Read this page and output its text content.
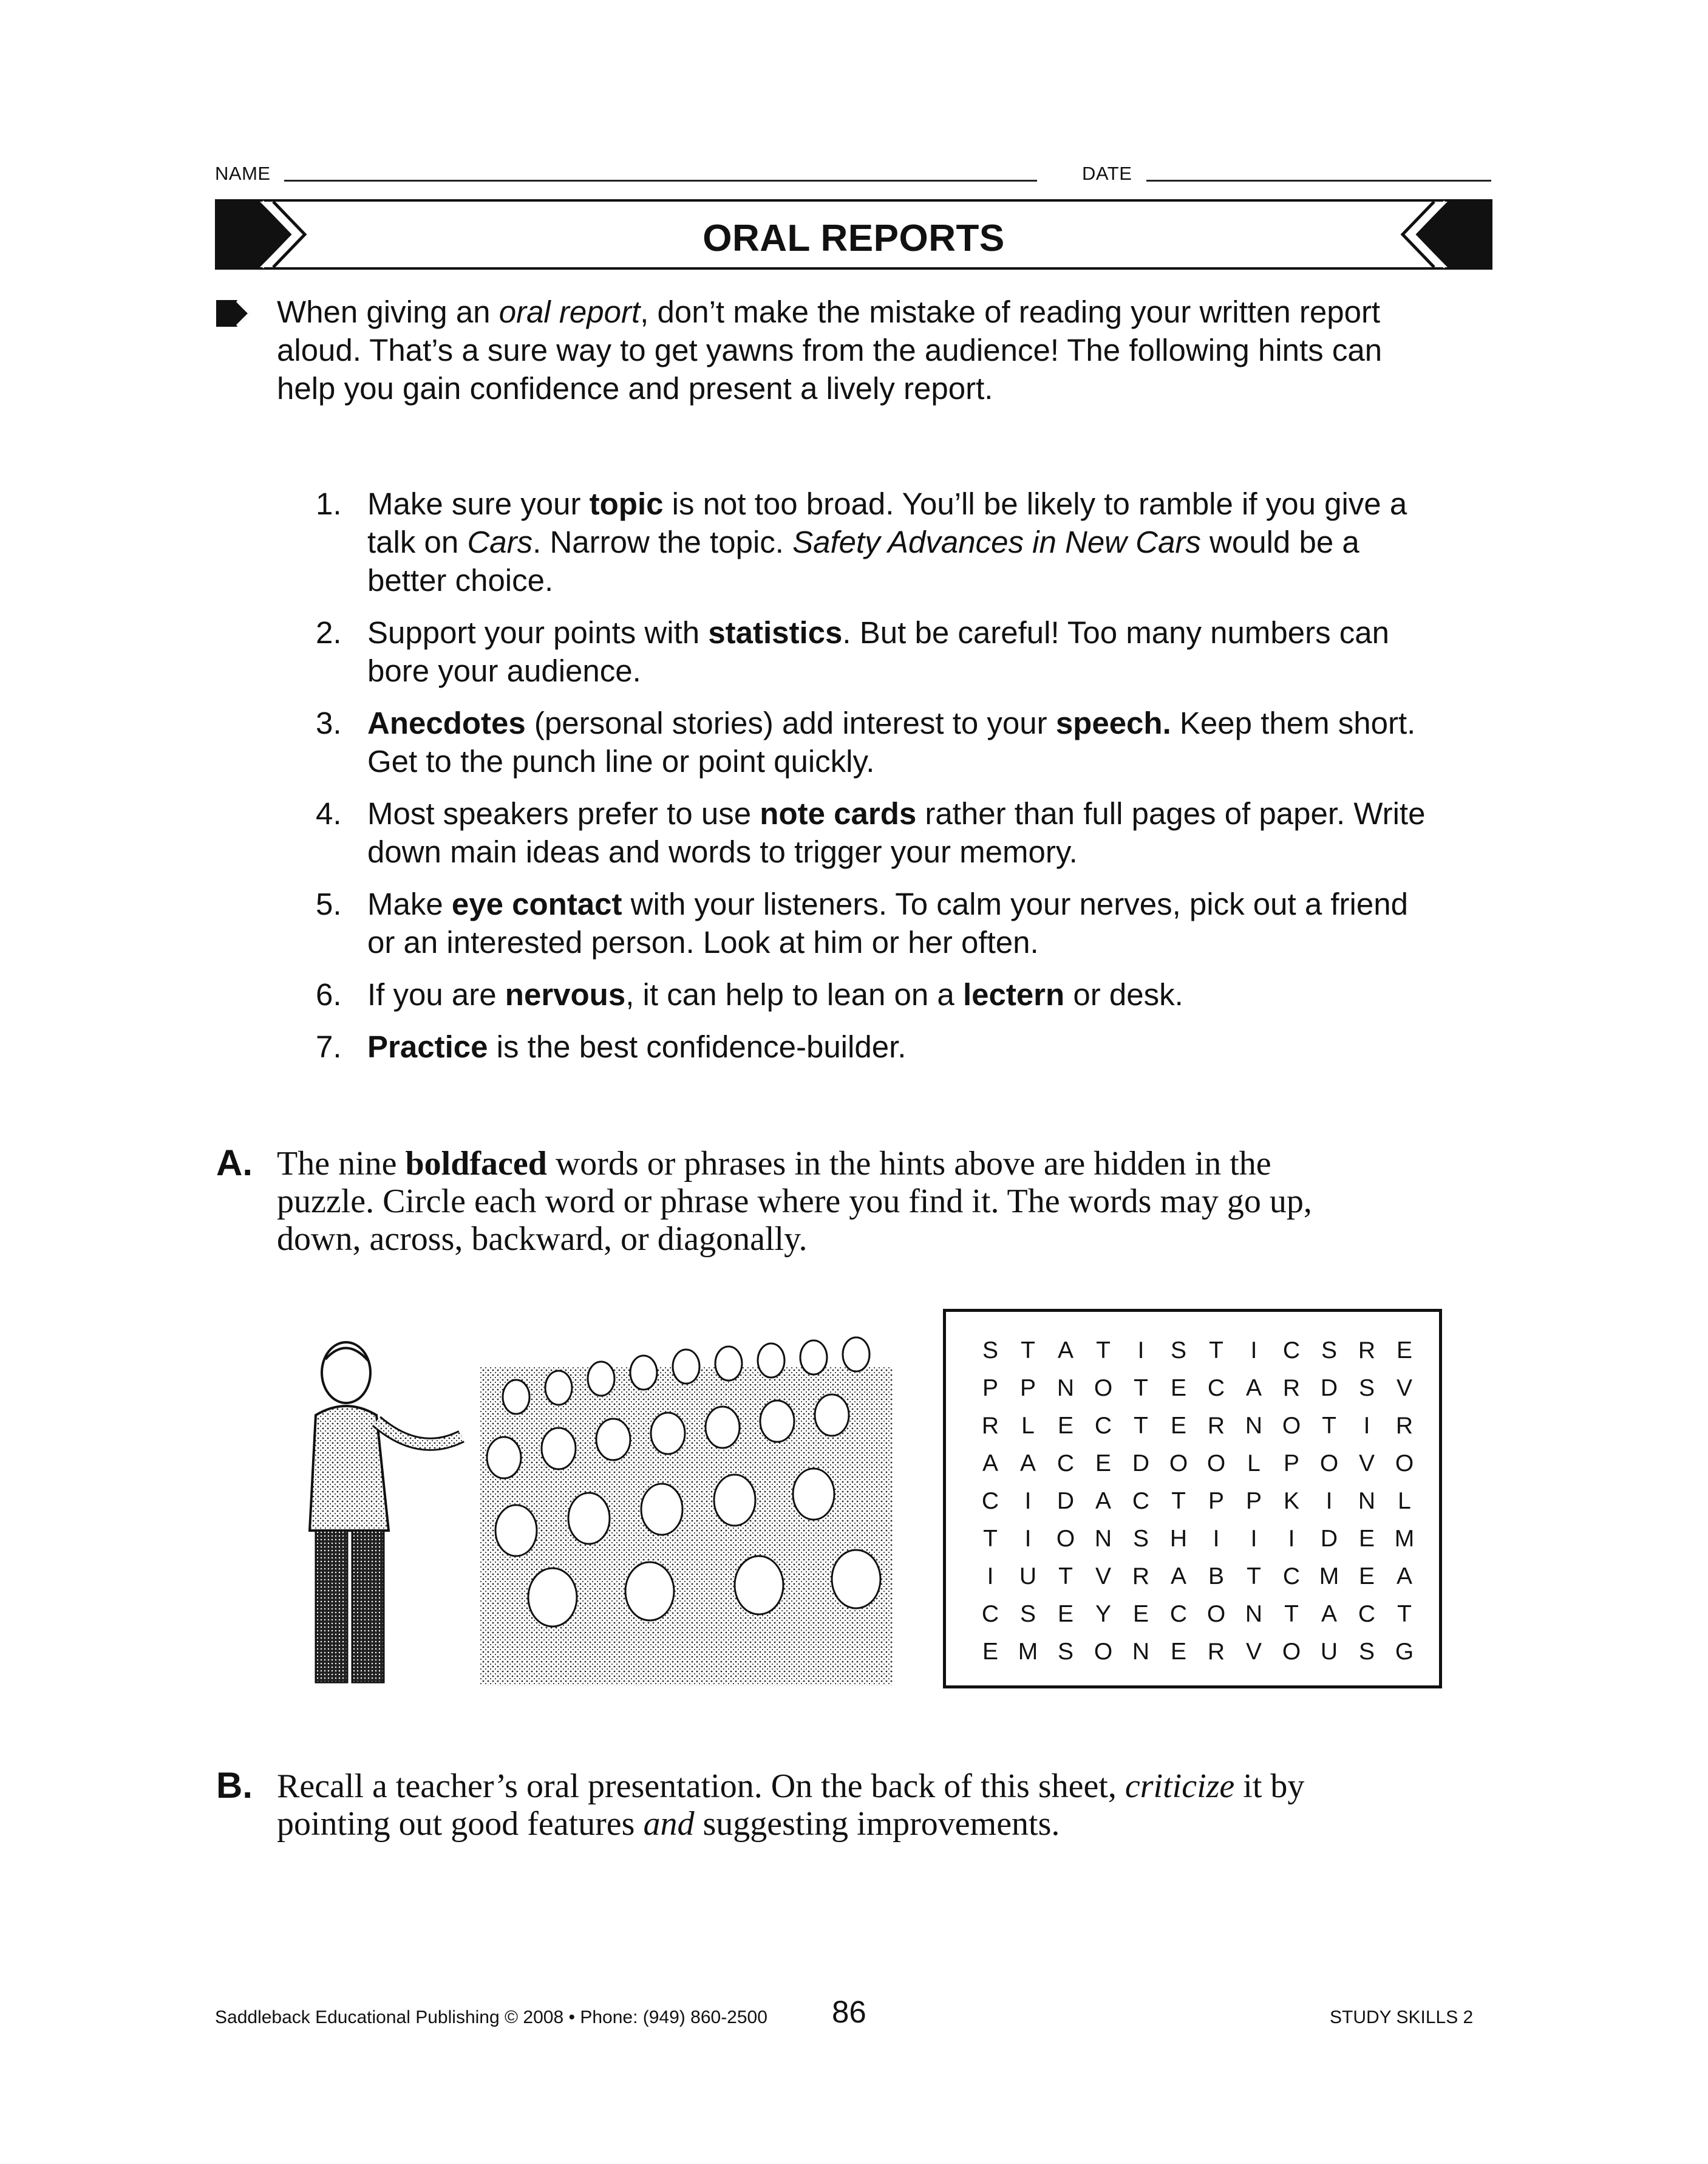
NAME	DATE
ORAL REPORTS
When giving an oral report, don’t make the mistake of reading your written report aloud. That’s a sure way to get yawns from the audience! The following hints can help you gain confidence and present a lively report.
1. Make sure your topic is not too broad. You’ll be likely to ramble if you give a talk on Cars. Narrow the topic. Safety Advances in New Cars would be a better choice.
2. Support your points with statistics. But be careful! Too many numbers can bore your audience.
3. Anecdotes (personal stories) add interest to your speech. Keep them short. Get to the punch line or point quickly.
4. Most speakers prefer to use note cards rather than full pages of paper. Write down main ideas and words to trigger your memory.
5. Make eye contact with your listeners. To calm your nerves, pick out a friend or an interested person. Look at him or her often.
6. If you are nervous, it can help to lean on a lectern or desk.
7. Practice is the best confidence-builder.
A. The nine boldfaced words or phrases in the hints above are hidden in the puzzle. Circle each word or phrase where you find it. The words may go up, down, across, backward, or diagonally.
S T A T	I	S T	I	C S R E
P P N O T E C A R D S V
R L E C T E R N O T	I	R
A A C E D O O L P O V O
C	I	D A C T P P K	I	N L
T	I	O N S H	I	I	I	D E M
I	U T V R A B T C M E A
C S E Y E C O N T A C T
E M S O N E R V O U S G
B. Recall a teacher’s oral presentation. On the back of this sheet, criticize it by pointing out good features and suggesting improvements.
Saddleback Educational Publishing © 2008 • Phone: (949) 860-2500 86	STUDY SKILLS 2
